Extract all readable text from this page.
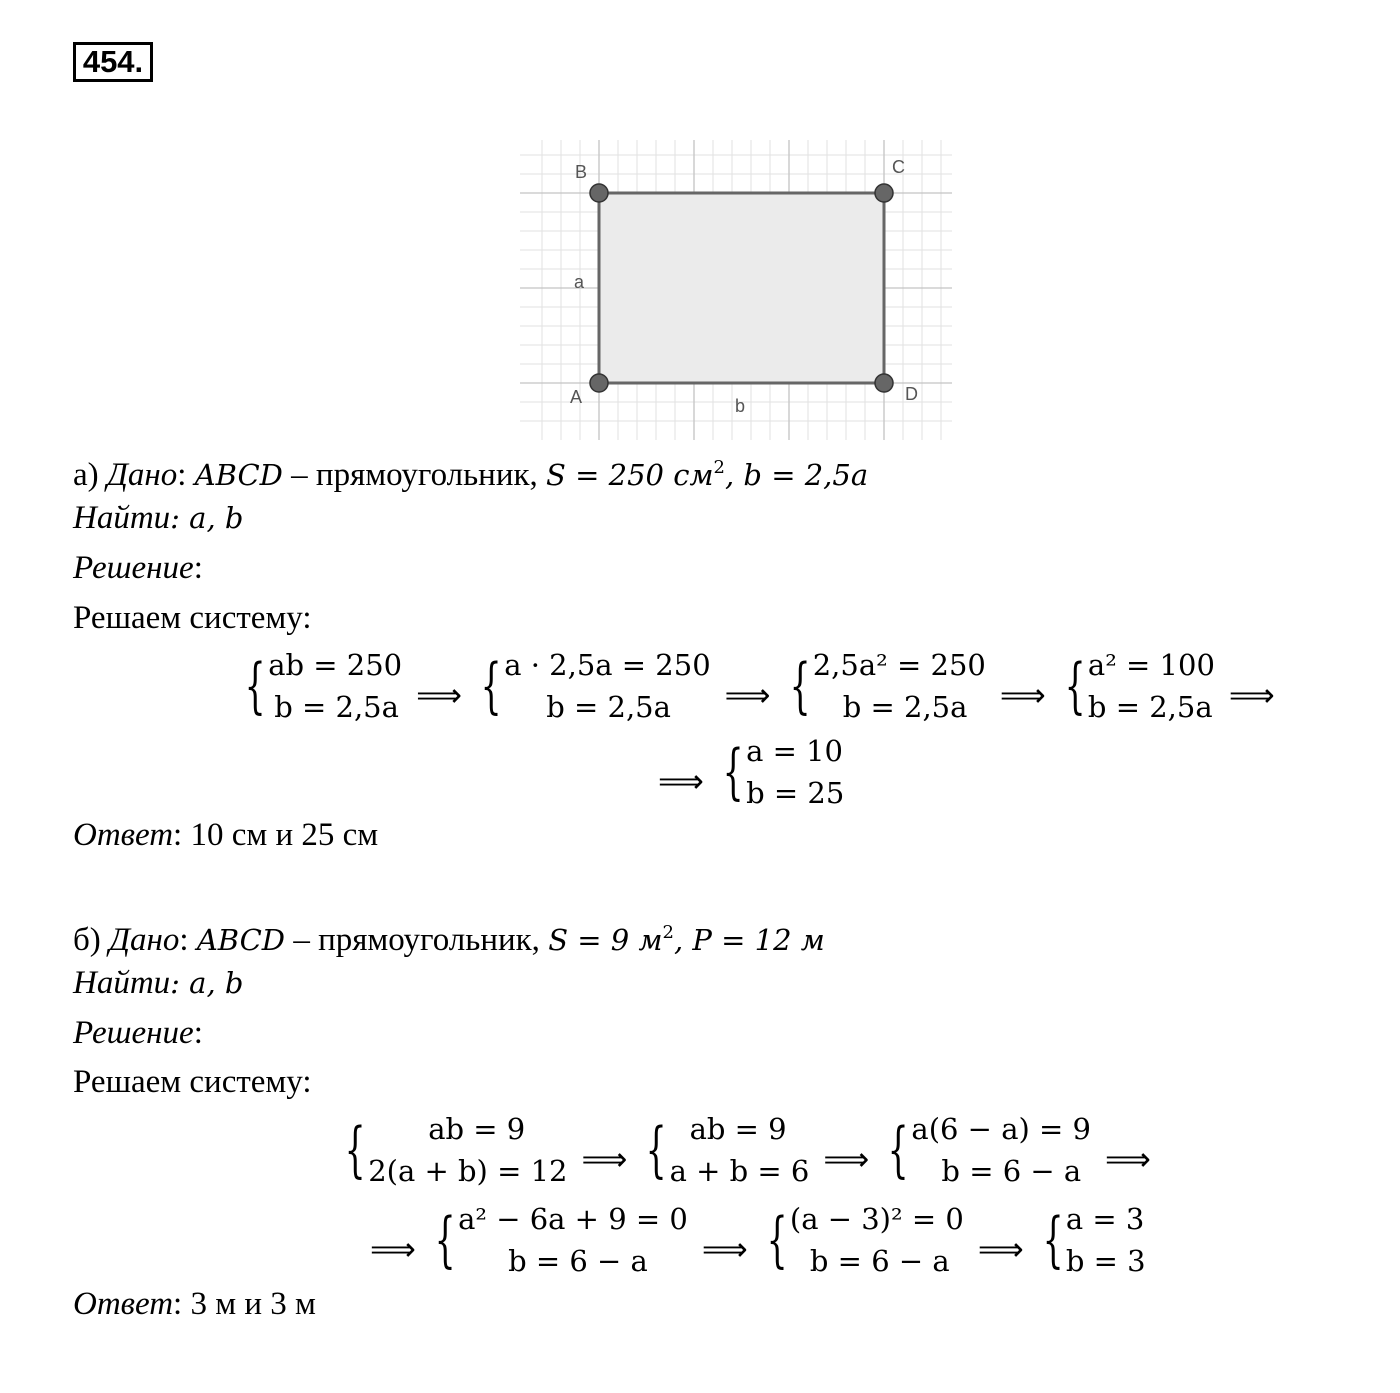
454.
B	C
A	D
a
b
а) Дано: ABCD – прямоугольник, S = 250 $см^2$, b = 2,5a
Найти: a, b
Решение:
Решаем систему:
{ ab = 250
b = 2,5a ⟹ { a · 2,5a = 250
b = 2,5a	⟹ { 2,5a² = 250
b = 2,5a	⟹ { a² = 100
b = 2,5a ⟹
⟹ { a = 10
b = 25
Ответ: 10 см и 25 см
б) Дано: ABCD – прямоугольник, S = 9 $м^2$, P = 12 м
Найти: a, b
Решение:
Решаем систему:
{	ab = 9
2(a + b) = 12 ⟹ { ab = 9
a + b = 6 ⟹ { a(6 − a) = 9
b = 6 − a ⟹
⟹ { a² − 6a + 9 = 0
b = 6 − a	⟹ { (a − 3)² = 0
b = 6 − a ⟹ { a = 3
b = 3
Ответ: 3 м и 3 м
